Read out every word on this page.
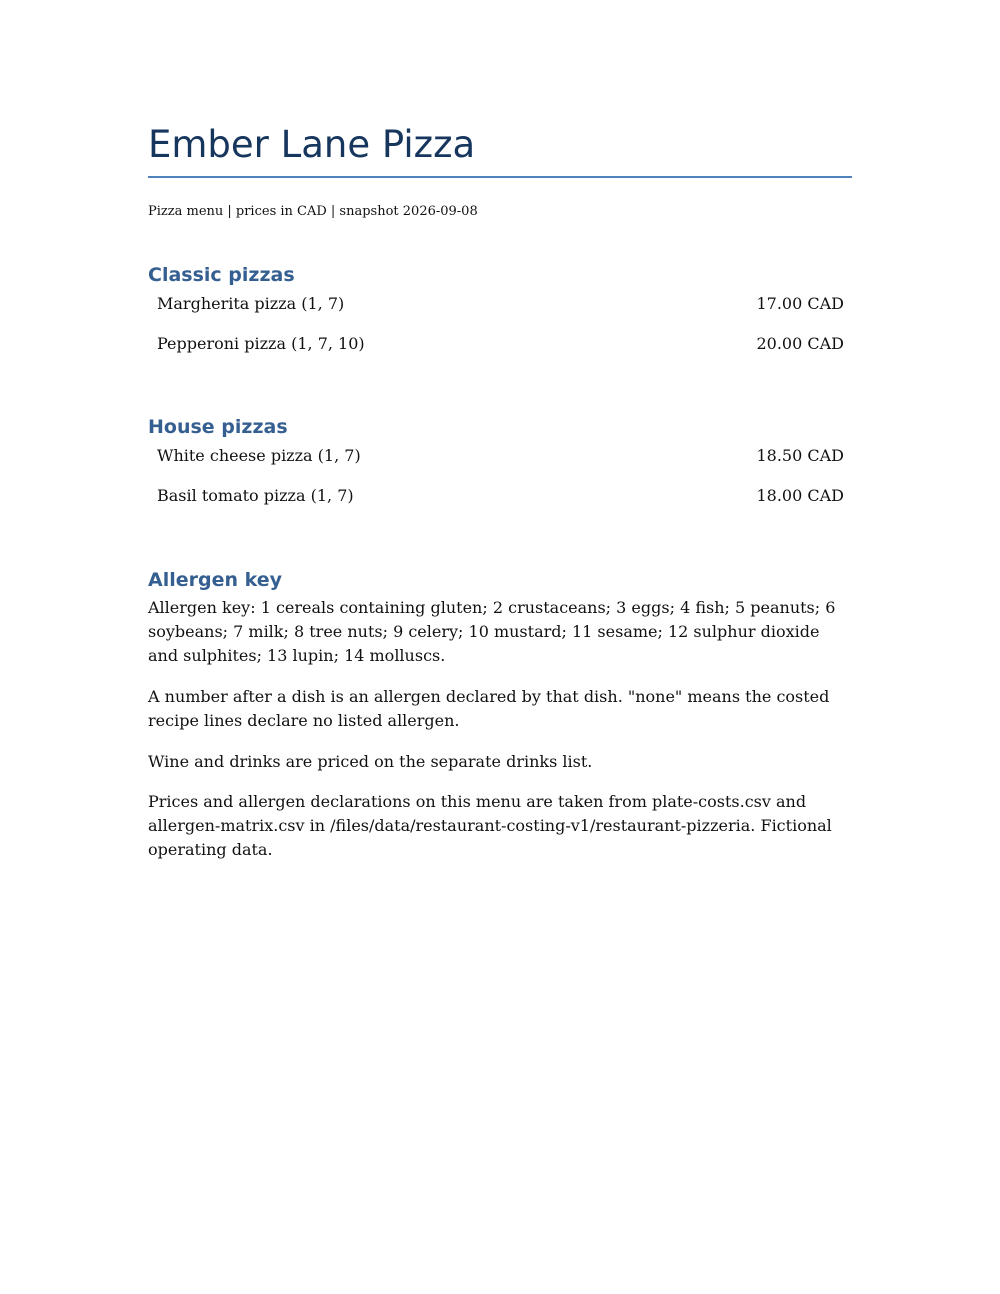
Ember Lane Pizza
Pizza menu | prices in CAD | snapshot 2026-09-08
Classic pizzas
Margherita pizza (1, 7)	17.00 CAD
Pepperoni pizza (1, 7, 10)	20.00 CAD
House pizzas
White cheese pizza (1, 7)	18.50 CAD
Basil tomato pizza (1, 7)	18.00 CAD
Allergen key

Allergen key: 1 cereals containing gluten; 2 crustaceans; 3 eggs; 4 fish; 5 peanuts; 6 soybeans; 7 milk; 8 tree nuts; 9 celery; 10 mustard; 11 sesame; 12 sulphur dioxide and sulphites; 13 lupin; 14 molluscs.

A number after a dish is an allergen declared by that dish. "none" means the costed recipe lines declare no listed allergen.

Wine and drinks are priced on the separate drinks list.

Prices and allergen declarations on this menu are taken from plate-costs.csv and allergen-matrix.csv in /files/data/restaurant-costing-v1/restaurant-pizzeria. Fictional operating data.
